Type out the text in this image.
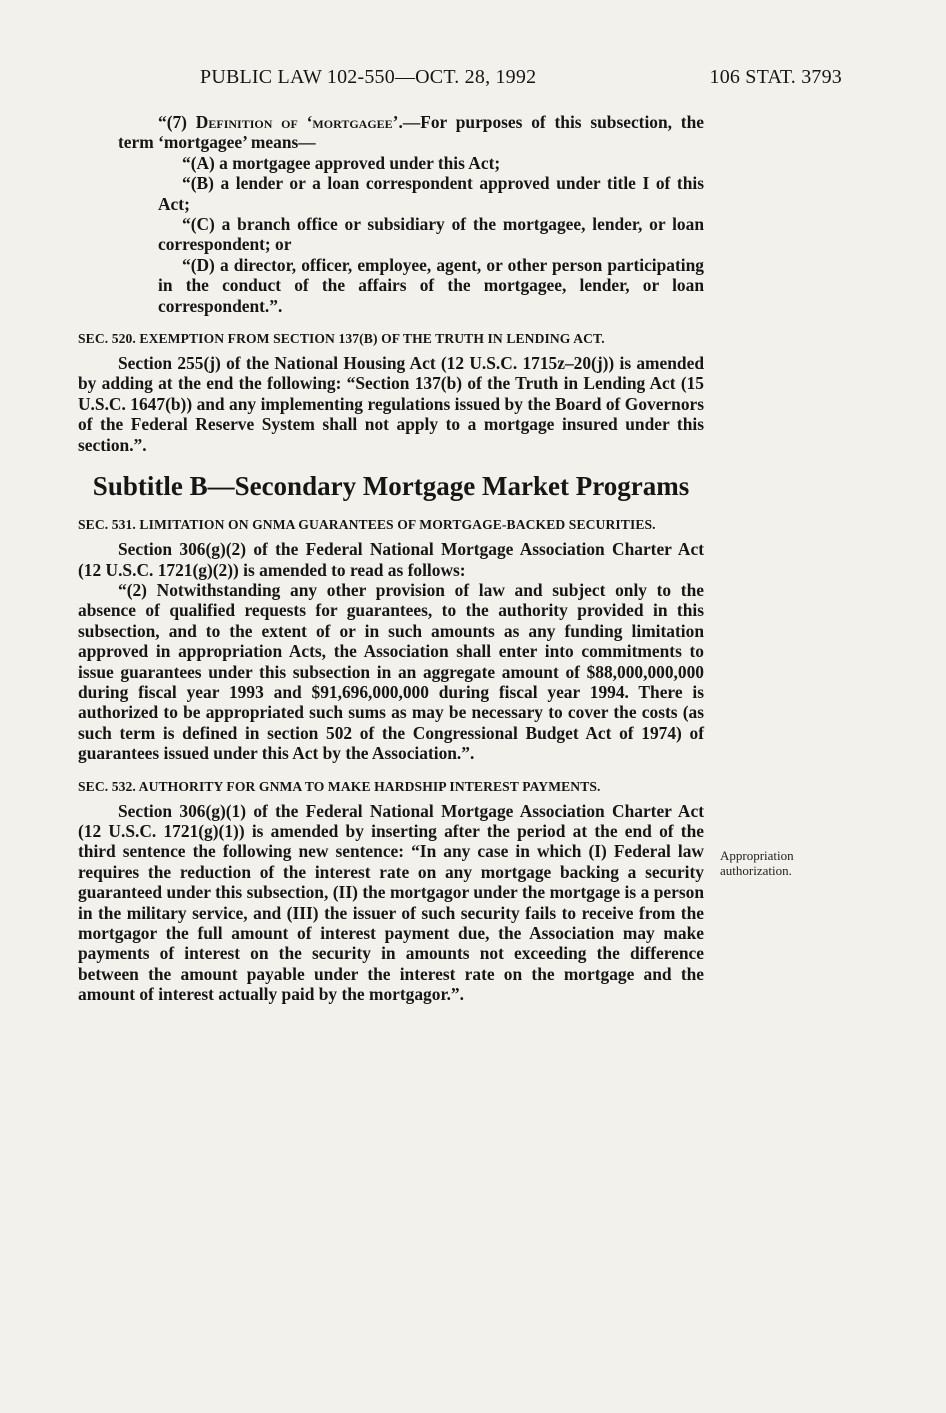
PUBLIC LAW 102-550—OCT. 28, 1992	106 STAT. 3793

“(7) Definition of ‘mortgagee’.—For purposes of this subsection, the term ‘mortgagee’ means—

“(A) a mortgagee approved under this Act;

“(B) a lender or a loan correspondent approved under title I of this Act;

“(C) a branch office or subsidiary of the mortgagee, lender, or loan correspondent; or

“(D) a director, officer, employee, agent, or other person participating in the conduct of the affairs of the mortgagee, lender, or loan correspondent.”.

SEC. 520. EXEMPTION FROM SECTION 137(B) OF THE TRUTH IN LENDING ACT.

Section 255(j) of the National Housing Act (12 U.S.C. 1715z–20(j)) is amended by adding at the end the following: “Section 137(b) of the Truth in Lending Act (15 U.S.C. 1647(b)) and any implementing regulations issued by the Board of Governors of the Federal Reserve System shall not apply to a mortgage insured under this section.”.

Subtitle B—Secondary Mortgage Market Programs

SEC. 531. LIMITATION ON GNMA GUARANTEES OF MORTGAGE-BACKED SECURITIES.

Section 306(g)(2) of the Federal National Mortgage Association Charter Act (12 U.S.C. 1721(g)(2)) is amended to read as follows:

“(2) Notwithstanding any other provision of law and subject only to the absence of qualified requests for guarantees, to the authority provided in this subsection, and to the extent of or in such amounts as any funding limitation approved in appropriation Acts, the Association shall enter into commitments to issue guarantees under this subsection in an aggregate amount of $88,000,000,000 during fiscal year 1993 and $91,696,000,000 during fiscal year 1994. There is authorized to be appropriated such sums as may be necessary to cover the costs (as such term is defined in section 502 of the Congressional Budget Act of 1974) of guarantees issued under this Act by the Association.”.

SEC. 532. AUTHORITY FOR GNMA TO MAKE HARDSHIP INTEREST PAYMENTS.

Section 306(g)(1) of the Federal National Mortgage Association Charter Act (12 U.S.C. 1721(g)(1)) is amended by inserting after the period at the end of the third sentence the following new sentence: “In any case in which (I) Federal law requires the reduction of the interest rate on any mortgage backing a security guaranteed under this subsection, (II) the mortgagor under the mortgage is a person in the military service, and (III) the issuer of such security fails to receive from the mortgagor the full amount of interest payment due, the Association may make payments of interest on the security in amounts not exceeding the difference between the amount payable under the interest rate on the mortgage and the amount of interest actually paid by the mortgagor.”.

Appropriation
authorization.
